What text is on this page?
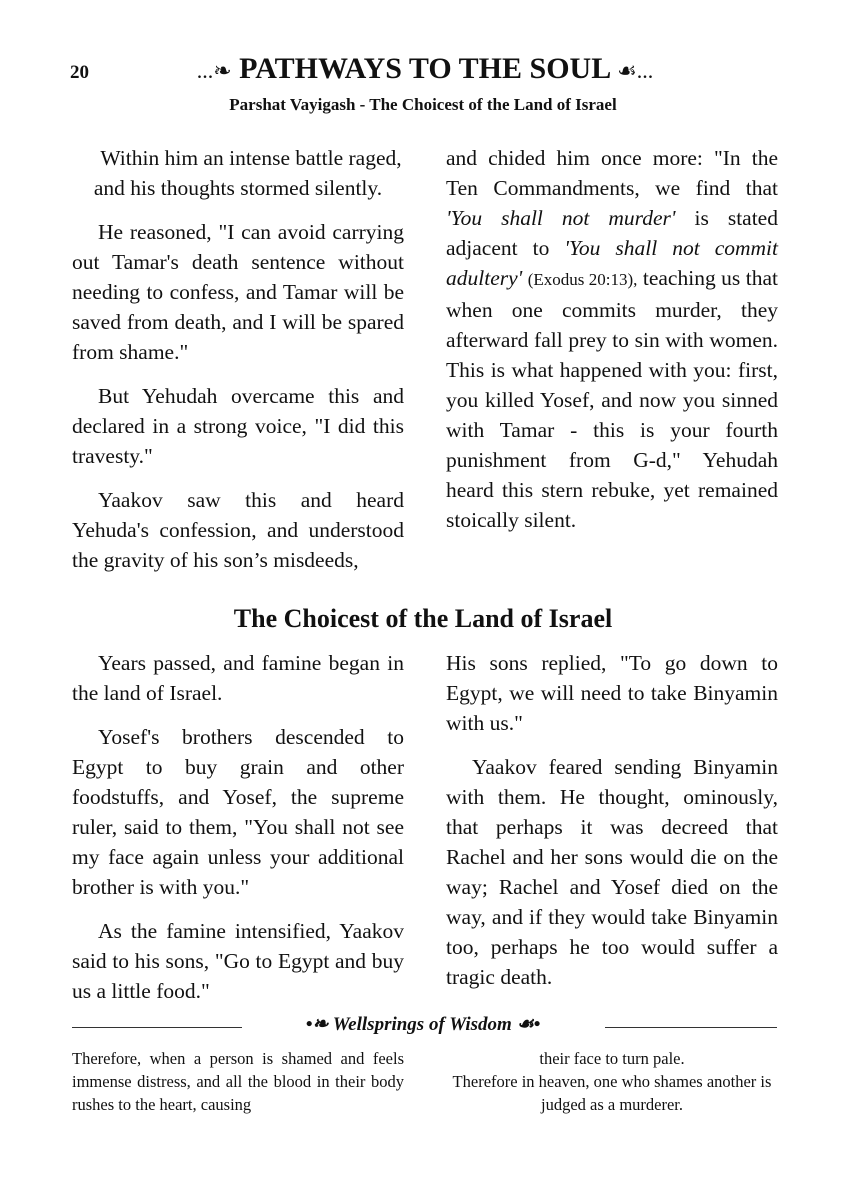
20	...❧ PATHWAYS TO THE SOUL ☙...
Parshat Vayigash - The Choicest of the Land of Israel

Within him an intense battle raged, and his thoughts stormed silently.

He reasoned, "I can avoid carrying out Tamar's death sentence without needing to confess, and Tamar will be saved from death, and I will be spared from shame."

But Yehudah overcame this and declared in a strong voice, "I did this travesty."

Yaakov saw this and heard Yehuda's confession, and understood the gravity of his son’s misdeeds,

and chided him once more: "In the Ten Commandments, we find that 'You shall not murder' is stated adjacent to 'You shall not commit adultery' (Exodus 20:13), teaching us that when one commits murder, they afterward fall prey to sin with women. This is what happened with you: first, you killed Yosef, and now you sinned with Tamar - this is your fourth punishment from G-d," Yehudah heard this stern rebuke, yet remained stoically silent.

The Choicest of the Land of Israel

Years passed, and famine began in the land of Israel.

Yosef's brothers descended to Egypt to buy grain and other foodstuffs, and Yosef, the supreme ruler, said to them, "You shall not see my face again unless your additional brother is with you."

As the famine intensified, Yaakov said to his sons, "Go to Egypt and buy us a little food."

His sons replied, "To go down to Egypt, we will need to take Binyamin with us."

Yaakov feared sending Binyamin with them. He thought, ominously, that perhaps it was decreed that Rachel and her sons would die on the way; Rachel and Yosef died on the way, and if they would take Binyamin too, perhaps he too would suffer a tragic death.

•❧ Wellsprings of Wisdom ☙•

Therefore, when a person is shamed and feels immense distress, and all the blood in their body rushes to the heart, causing

their face to turn pale.

Therefore in heaven, one who shames another is judged as a murderer.
